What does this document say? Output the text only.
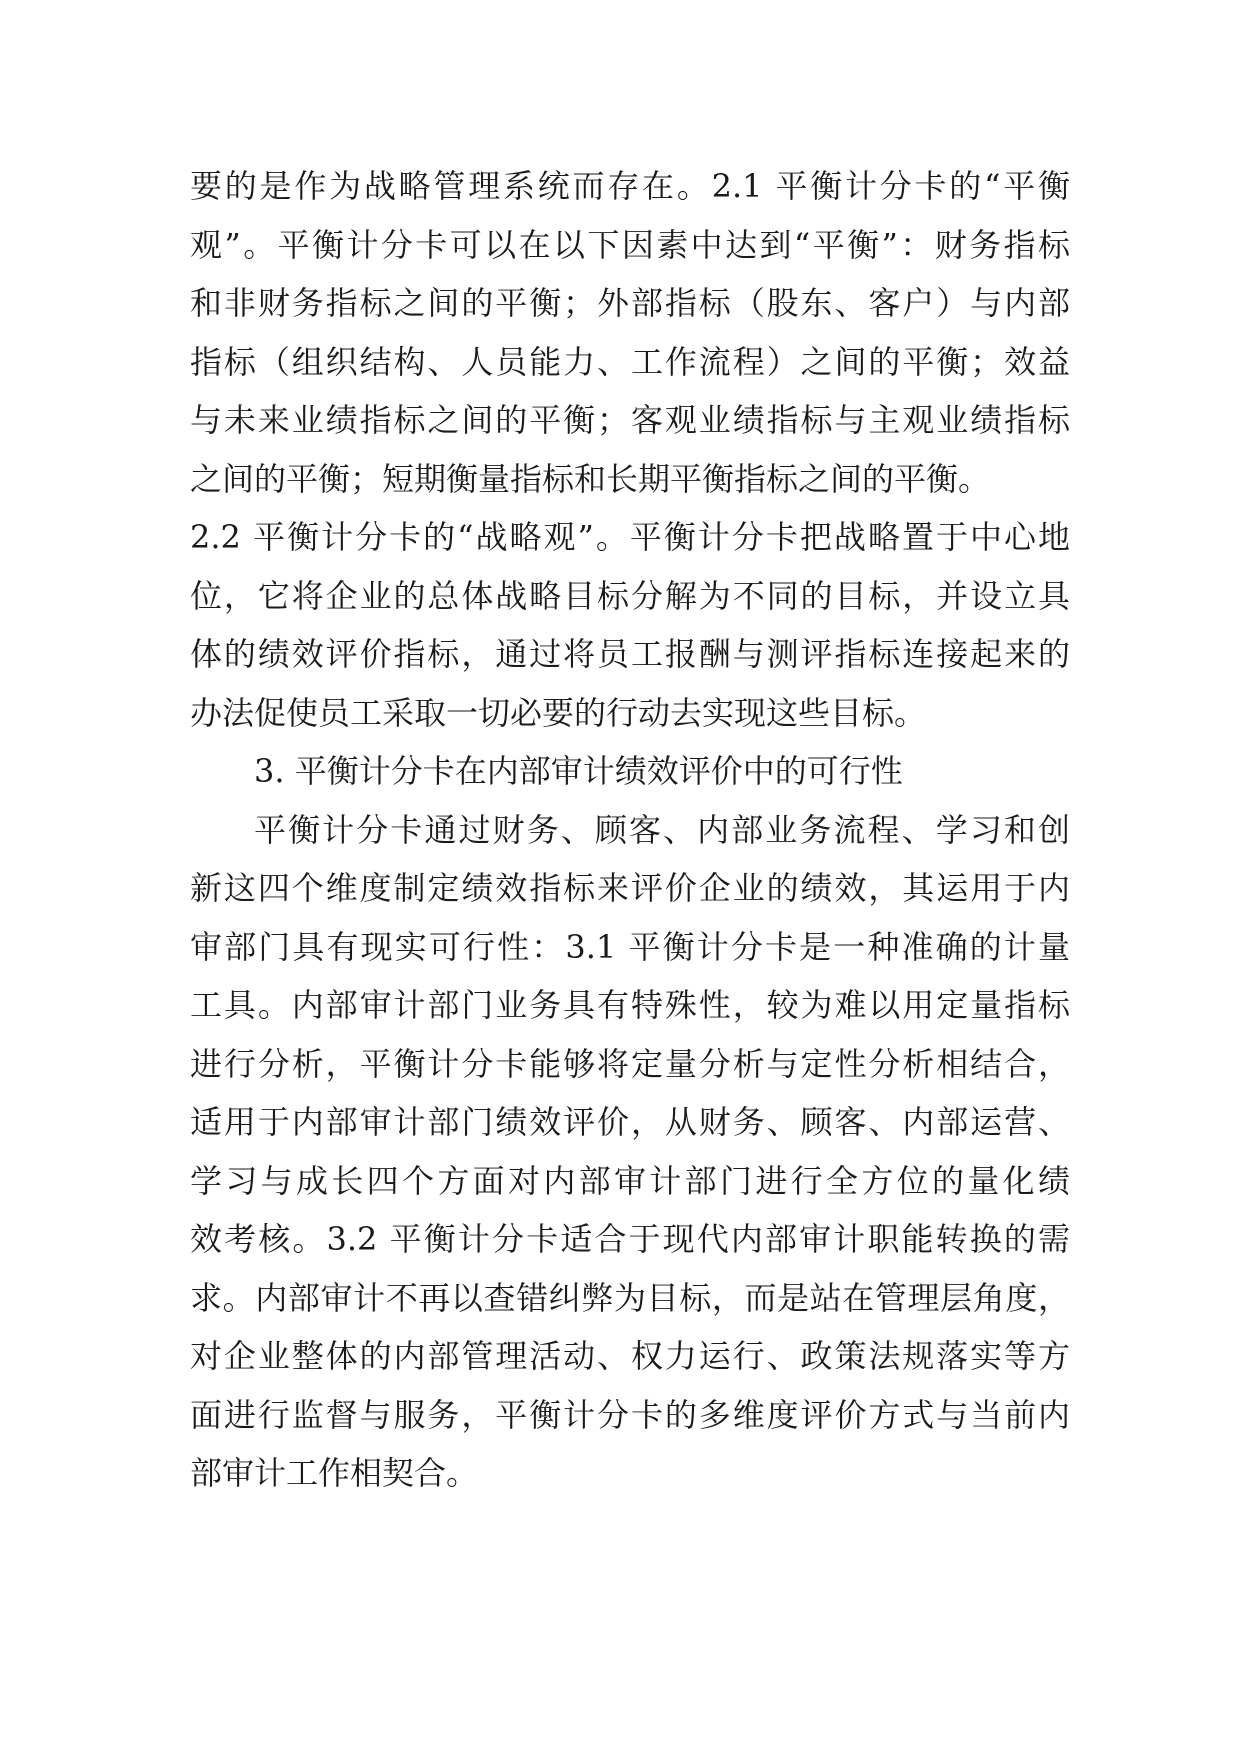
要的是作为战略管理系统而存在。2.1 平衡计分卡的“平衡
观”。平衡计分卡可以在以下因素中达到“平衡”：财务指标
和非财务指标之间的平衡；外部指标（股东、客户）与内部
指标（组织结构、人员能力、工作流程）之间的平衡；效益
与未来业绩指标之间的平衡；客观业绩指标与主观业绩指标
之间的平衡；短期衡量指标和长期平衡指标之间的平衡。
2.2 平衡计分卡的“战略观”。平衡计分卡把战略置于中心地
位，它将企业的总体战略目标分解为不同的目标，并设立具
体的绩效评价指标，通过将员工报酬与测评指标连接起来的
办法促使员工采取一切必要的行动去实现这些目标。
3. 平衡计分卡在内部审计绩效评价中的可行性
平衡计分卡通过财务、顾客、内部业务流程、学习和创
新这四个维度制定绩效指标来评价企业的绩效，其运用于内
审部门具有现实可行性：3.1 平衡计分卡是一种准确的计量
工具。内部审计部门业务具有特殊性，较为难以用定量指标
进行分析，平衡计分卡能够将定量分析与定性分析相结合，
适用于内部审计部门绩效评价，从财务、顾客、内部运营、
学习与成长四个方面对内部审计部门进行全方位的量化绩
效考核。3.2 平衡计分卡适合于现代内部审计职能转换的需
求。内部审计不再以查错纠弊为目标，而是站在管理层角度，
对企业整体的内部管理活动、权力运行、政策法规落实等方
面进行监督与服务，平衡计分卡的多维度评价方式与当前内
部审计工作相契合。
